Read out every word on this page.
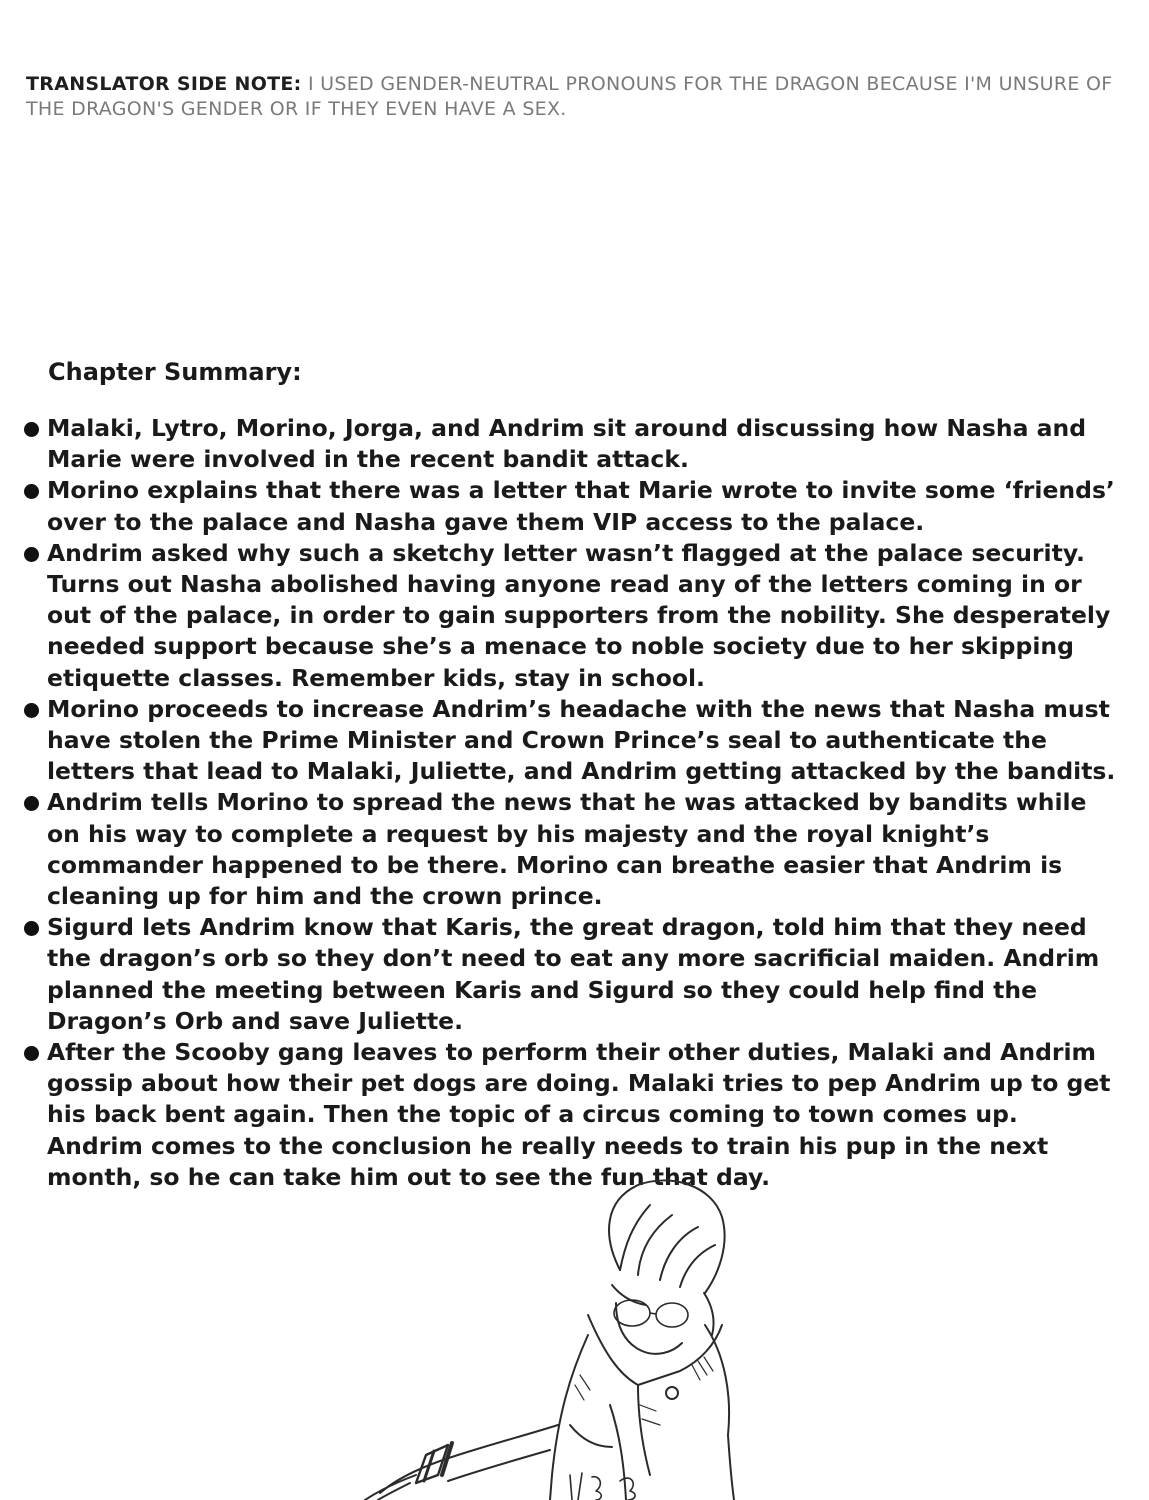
TRANSLATOR SIDE NOTE: I USED GENDER-NEUTRAL PRONOUNS FOR THE DRAGON BECAUSE I'M UNSURE OF THE DRAGON'S GENDER OR IF THEY EVEN HAVE A SEX.
Chapter Summary:
Malaki, Lytro, Morino, Jorga, and Andrim sit around discussing how Nasha and Marie were involved in the recent bandit attack.
Morino explains that there was a letter that Marie wrote to invite some ‘friends’ over to the palace and Nasha gave them VIP access to the palace.
Andrim asked why such a sketchy letter wasn’t flagged at the palace security. Turns out Nasha abolished having anyone read any of the letters coming in or out of the palace, in order to gain supporters from the nobility. She desperately needed support because she’s a menace to noble society due to her skipping etiquette classes. Remember kids, stay in school.
Morino proceeds to increase Andrim’s headache with the news that Nasha must have stolen the Prime Minister and Crown Prince’s seal to authenticate the letters that lead to Malaki, Juliette, and Andrim getting attacked by the bandits.
Andrim tells Morino to spread the news that he was attacked by bandits while on his way to complete a request by his majesty and the royal knight’s commander happened to be there. Morino can breathe easier that Andrim is cleaning up for him and the crown prince.
Sigurd lets Andrim know that Karis, the great dragon, told him that they need the dragon’s orb so they don’t need to eat any more sacrificial maiden. Andrim planned the meeting between Karis and Sigurd so they could help find the Dragon’s Orb and save Juliette.
After the Scooby gang leaves to perform their other duties, Malaki and Andrim gossip about how their pet dogs are doing. Malaki tries to pep Andrim up to get his back bent again. Then the topic of a circus coming to town comes up. Andrim comes to the conclusion he really needs to train his pup in the next month, so he can take him out to see the fun that day.
